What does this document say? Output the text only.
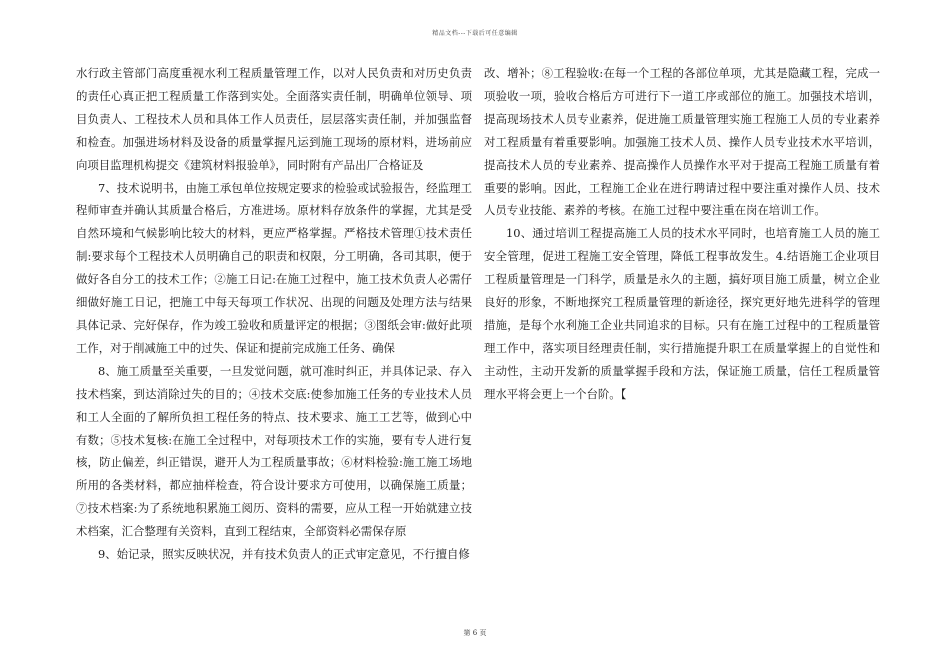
精品文档---下载后可任意编辑

水行政主管部门高度重视水利工程质量管理工作，以对人民负责和对历史负责的责任心真正把工程质量工作落到实处。全面落实责任制，明确单位领导、项目负责人、工程技术人员和具体工作人员责任，层层落实责任制，并加强监督和检查。加强进场材料及设备的质量掌握凡运到施工现场的原材料，进场前应向项目监理机构提交《建筑材料报验单》，同时附有产品出厂合格证及

7、技术说明书，由施工承包单位按规定要求的检验或试验报告，经监理工程师审查并确认其质量合格后，方准进场。原材料存放条件的掌握，尤其是受自然环境和气候影响比较大的材料，更应严格掌握。严格技术管理①技术责任制:要求每个工程技术人员明确自己的职责和权限，分工明确，各司其职，便于做好各自分工的技术工作；②施工日记:在施工过程中，施工技术负责人必需仔细做好施工日记，把施工中每天每项工作状况、出现的问题及处理方法与结果具体记录、完好保存，作为竣工验收和质量评定的根据；③图纸会审:做好此项工作，对于削减施工中的过失、保证和提前完成施工任务、确保

8、施工质量至关重要，一旦发觉问题，就可准时纠正，并具体记录、存入技术档案，到达消除过失的目的；④技术交底:使参加施工任务的专业技术人员和工人全面的了解所负担工程任务的特点、技术要求、施工工艺等，做到心中有数；⑤技术复核:在施工全过程中，对每项技术工作的实施，要有专人进行复核，防止偏差，纠正错误，避开人为工程质量事故；⑥材料检验:施工施工场地所用的各类材料，都应抽样检查，符合设计要求方可使用，以确保施工质量；⑦技术档案:为了系统地积累施工阅历、资料的需要，应从工程一开始就建立技术档案，汇合整理有关资料，直到工程结束，全部资料必需保存原

9、始记录，照实反映状况，并有技术负责人的正式审定意见，不行擅自修

改、增补；⑧工程验收:在每一个工程的各部位单项，尤其是隐藏工程，完成一项验收一项，验收合格后方可进行下一道工序或部位的施工。加强技术培训，提高现场技术人员专业素养，促进施工质量管理实施工程施工人员的专业素养对工程质量有着重要影响。加强施工技术人员、操作人员专业技术水平培训，提高技术人员的专业素养、提高操作人员操作水平对于提高工程施工质量有着重要的影响。因此，工程施工企业在进行聘请过程中要注重对操作人员、技术人员专业技能、素养的考核。在施工过程中要注重在岗在培训工作。

10、通过培训工程提高施工人员的技术水平同时，也培育施工人员的施工安全管理，促进工程施工安全管理，降低工程事故发生。4.结语施工企业项目工程质量管理是一门科学，质量是永久的主题，搞好项目施工质量，树立企业良好的形象，不断地探究工程质量管理的新途径，探究更好地先进科学的管理措施，是每个水利施工企业共同追求的目标。只有在施工过程中的工程质量管理工作中，落实项目经理责任制，实行措施提升职工在质量掌握上的自觉性和主动性，主动开发新的质量掌握手段和方法，保证施工质量，信任工程质量管理水平将会更上一个台阶。【

第 6 页
